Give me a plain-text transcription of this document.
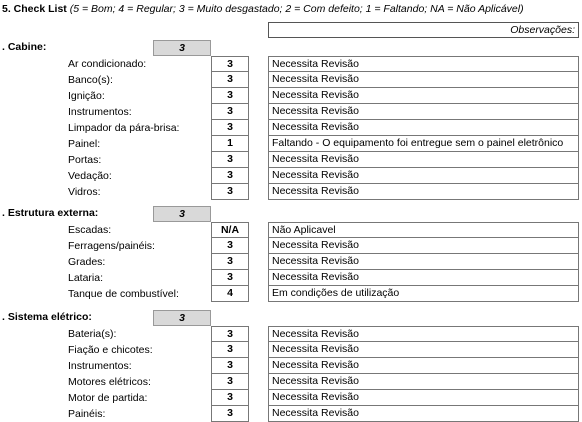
5. Check List (5 = Bom; 4 = Regular; 3 = Muito desgastado; 2 = Com defeito; 1 = Faltando; NA = Não Aplicável)
Observações:
. Cabine:	3
Ar condicionado:	3	Necessita Revisão
Banco(s):	3	Necessita Revisão
Ignição:	3	Necessita Revisão
Instrumentos:	3	Necessita Revisão
Limpador da pára-brisa:	3	Necessita Revisão
Painel:	1	Faltando - O equipamento foi entregue sem o painel eletrônico
Portas:	3	Necessita Revisão
Vedação:	3	Necessita Revisão
Vidros:	3	Necessita Revisão
. Estrutura externa:	3
Escadas:	N/A	Não Aplicavel
Ferragens/painéis:	3	Necessita Revisão
Grades:	3	Necessita Revisão
Lataria:	3	Necessita Revisão
Tanque de combustível:	4	Em condições de utilização
. Sistema elétrico:	3
Bateria(s):	3	Necessita Revisão
Fiação e chicotes:	3	Necessita Revisão
Instrumentos:	3	Necessita Revisão
Motores elétricos:	3	Necessita Revisão
Motor de partida:	3	Necessita Revisão
Painéis:	3	Necessita Revisão
